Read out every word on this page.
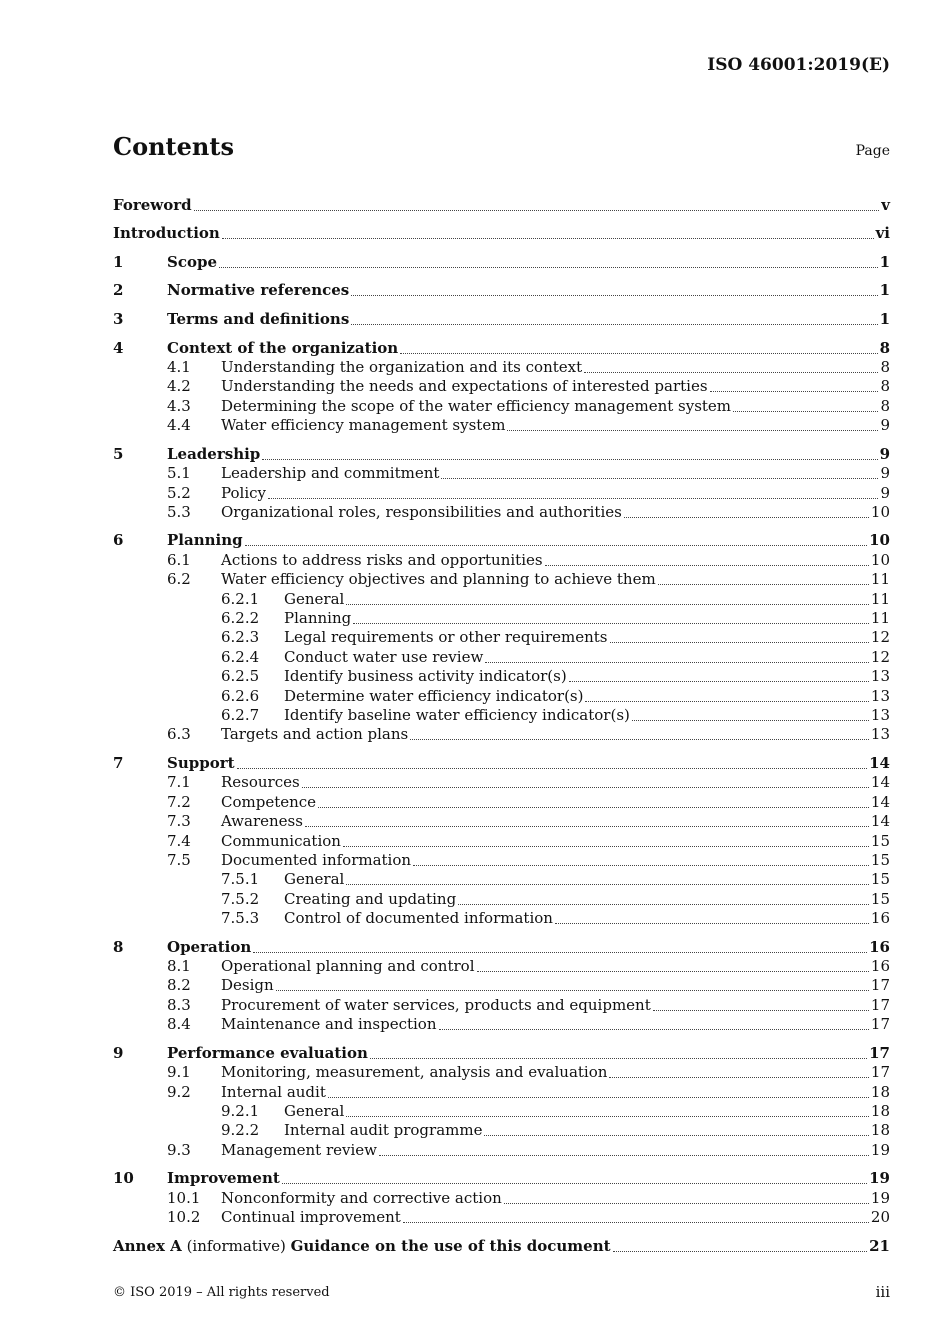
ISO 46001:2019(E)
Contents	Page
Foreword	v
Introduction	vi
1	Scope	1
2	Normative references	1
3	Terms and definitions	1
4	Context of the organization	8
4.1	Understanding the organization and its context	8
4.2	Understanding the needs and expectations of interested parties	8
4.3	Determining the scope of the water efficiency management system	8
4.4	Water efficiency management system	9
5	Leadership	9
5.1	Leadership and commitment	9
5.2	Policy	9
5.3	Organizational roles, responsibilities and authorities	10
6	Planning	10
6.1	Actions to address risks and opportunities	10
6.2	Water efficiency objectives and planning to achieve them	11
6.2.1	General	11
6.2.2	Planning	11
6.2.3	Legal requirements or other requirements	12
6.2.4	Conduct water use review	12
6.2.5	Identify business activity indicator(s)	13
6.2.6	Determine water efficiency indicator(s)	13
6.2.7	Identify baseline water efficiency indicator(s)	13
6.3	Targets and action plans	13
7	Support	14
7.1	Resources	14
7.2	Competence	14
7.3	Awareness	14
7.4	Communication	15
7.5	Documented information	15
7.5.1	General	15
7.5.2	Creating and updating	15
7.5.3	Control of documented information	16
8	Operation	16
8.1	Operational planning and control	16
8.2	Design	17
8.3	Procurement of water services, products and equipment	17
8.4	Maintenance and inspection	17
9	Performance evaluation	17
9.1	Monitoring, measurement, analysis and evaluation	17
9.2	Internal audit	18
9.2.1	General	18
9.2.2	Internal audit programme	18
9.3	Management review	19
10	Improvement	19
10.1	Nonconformity and corrective action	19
10.2	Continual improvement	20
Annex A (informative) Guidance on the use of this document	21
© ISO 2019 – All rights reserved	iii
